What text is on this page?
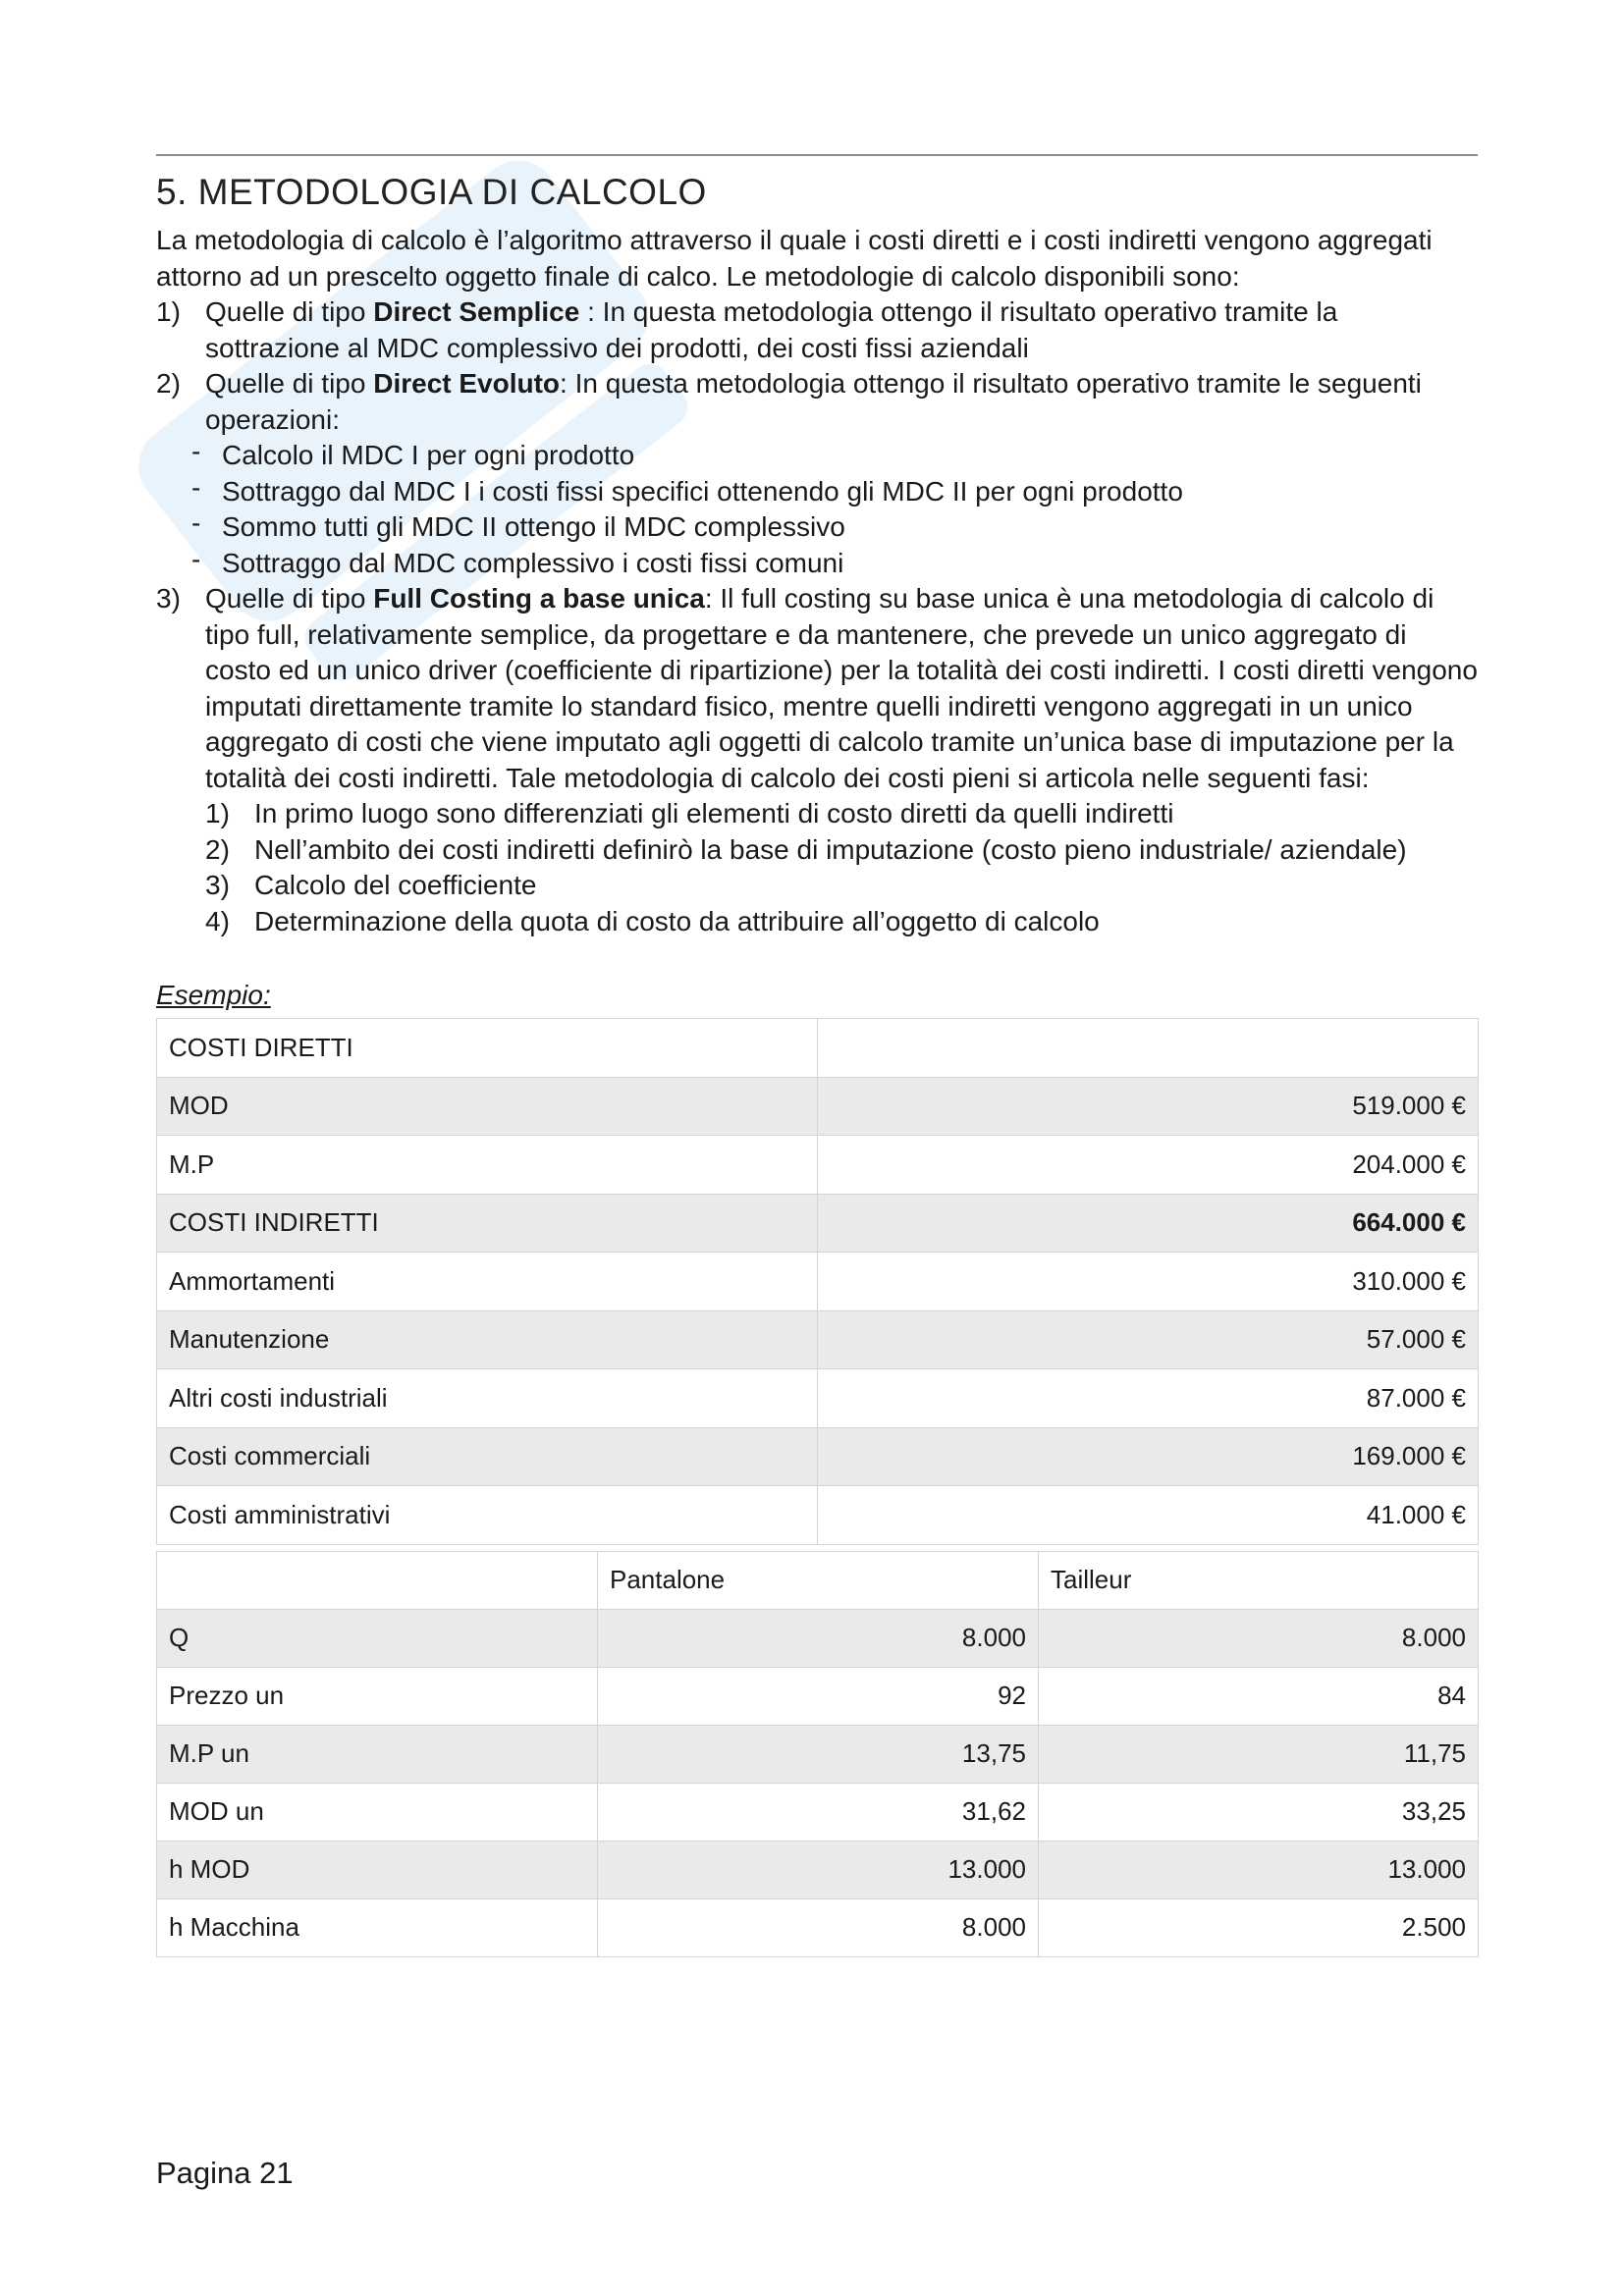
5. METODOLOGIA DI CALCOLO

La metodologia di calcolo è l’algoritmo attraverso il quale i costi diretti e i costi indiretti vengono aggregati attorno ad un prescelto oggetto finale di calco. Le metodologie di calcolo disponibili sono:

1) Quelle di tipo Direct Semplice : In questa metodologia ottengo il risultato operativo tramite la sottrazione al MDC complessivo dei prodotti, dei costi fissi aziendali
2) Quelle di tipo Direct Evoluto: In questa metodologia ottengo il risultato operativo tramite le seguenti operazioni:
- Calcolo il MDC I per ogni prodotto
- Sottraggo dal MDC I i costi fissi specifici ottenendo gli MDC II per ogni prodotto
- Sommo tutti gli MDC II ottengo il MDC complessivo
- Sottraggo dal MDC complessivo i costi fissi comuni
3) Quelle di tipo Full Costing a base unica: Il full costing su base unica è una metodologia di calcolo di tipo full, relativamente semplice, da progettare e da mantenere, che prevede un unico aggregato di costo ed un unico driver (coefficiente di ripartizione) per la totalità dei costi indiretti. I costi diretti vengono imputati direttamente tramite lo standard fisico, mentre quelli indiretti vengono aggregati in un unico aggregato di costi che viene imputato agli oggetti di calcolo tramite un’unica base di imputazione per la totalità dei costi indiretti. Tale metodologia di calcolo dei costi pieni si articola nelle seguenti fasi:
1) In primo luogo sono differenziati gli elementi di costo diretti da quelli indiretti
2) Nell’ambito dei costi indiretti definirò la base di imputazione (costo pieno industriale/ aziendale)
3) Calcolo del coefficiente
4) Determinazione della quota di costo da attribuire all’oggetto di calcolo
Esempio:
COSTI DIRETTI	
MOD	519.000 €
M.P	204.000 €
COSTI INDIRETTI	664.000 €
Ammortamenti	310.000 €
Manutenzione	57.000 €
Altri costi industriali	87.000 €
Costi commerciali	169.000 €
Costi amministrativi	41.000 €
	Pantalone	Tailleur
Q	8.000	8.000
Prezzo un	92	84
M.P un	13,75	11,75
MOD un	31,62	33,25
h MOD	13.000	13.000
h Macchina	8.000	2.500
Pagina 21
